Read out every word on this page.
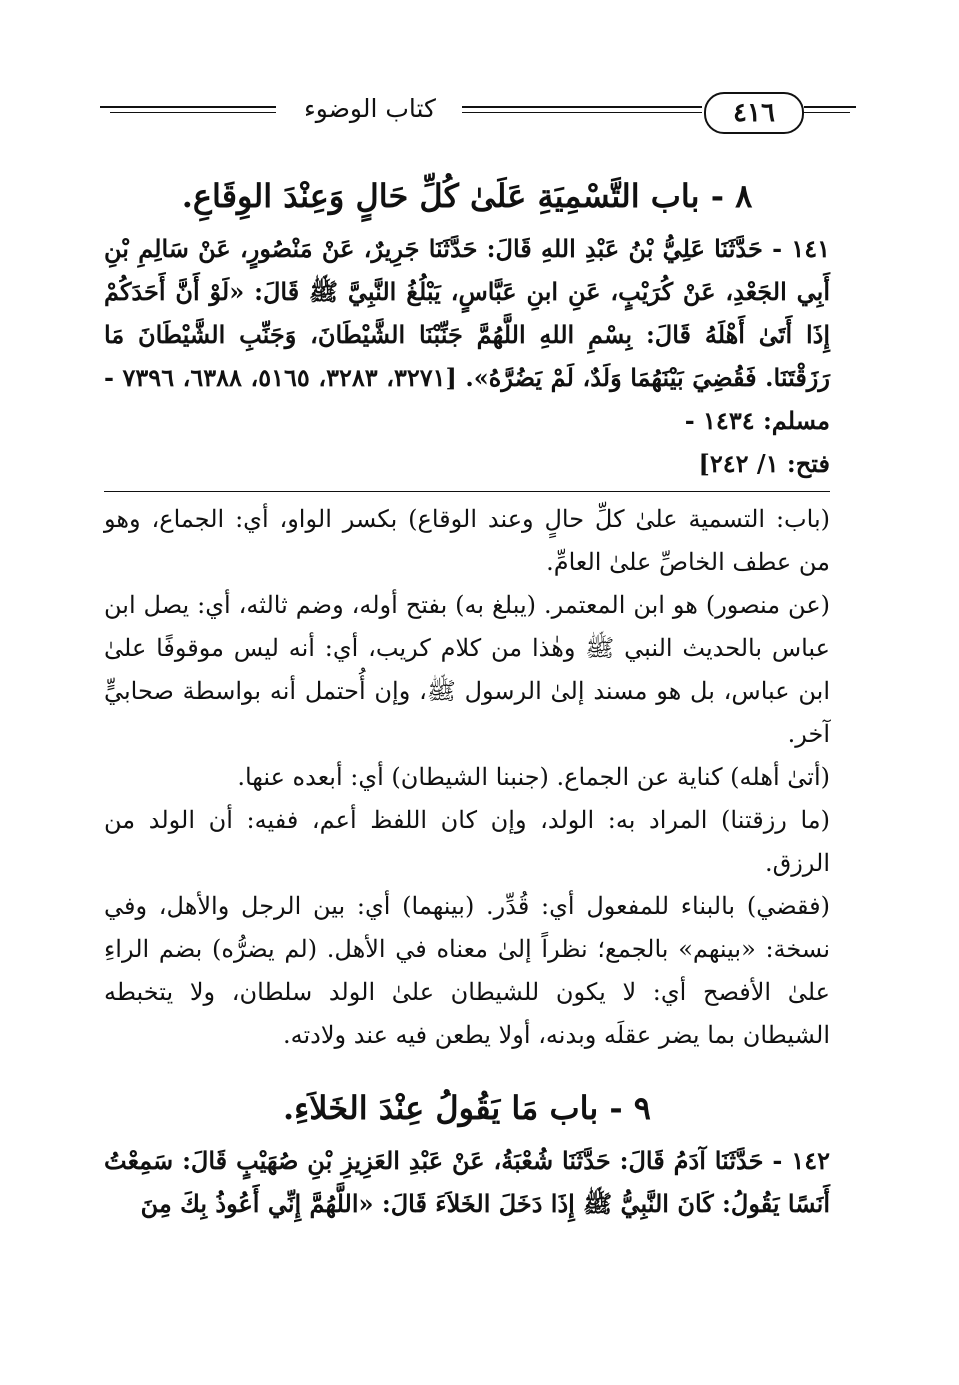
كتاب الوضوء	٤١٦
٨ - باب التَّسْمِيَةِ عَلَىٰ كُلِّ حَالٍ وَعِنْدَ الوِقَاعِ.

١٤١ - حَدَّثَنَا عَلِيُّ بْنُ عَبْدِ اللهِ قَالَ: حَدَّثَنَا جَرِيرٌ، عَنْ مَنْصُورٍ، عَنْ سَالِمِ بْنِ أَبِي الجَعْدِ، عَنْ كُرَيْبٍ، عَنِ ابنِ عَبَّاسٍ، يَبْلُغُ النَّبِيَّ ﷺ قَالَ: «لَوْ أَنَّ أَحَدَكُمْ إِذَا أَتَىٰ أَهْلَهُ قَالَ: بِسْمِ اللهِ اللَّهُمَّ جَنِّبْنَا الشَّيْطَانَ، وَجَنِّبِ الشَّيْطَانَ مَا رَزَقْتَنَا. فَقُضِيَ بَيْنَهُمَا وَلَدٌ، لَمْ يَضُرَّهُ». [٣٢٧١، ٣٢٨٣، ٥١٦٥، ٦٣٨٨، ٧٣٩٦ - مسلم: ١٤٣٤ -

فتح: ١/ ٢٤٢]

(باب: التسمية علىٰ كلِّ حالٍ وعند الوقاع) بكسر الواو، أي: الجماع، وهو من عطف الخاصِّ علىٰ العامِّ.

(عن منصور) هو ابن المعتمر. (يبلغ به) بفتح أوله، وضم ثالثه، أي: يصل ابن عباس بالحديث النبي ﷺ وهٰذا من كلام كريب، أي: أنه ليس موقوفًا علىٰ ابن عباس، بل هو مسند إلىٰ الرسول ﷺ، وإن أُحتمل أنه بواسطة صحابيٍّ آخر.

(أتىٰ أهله) كناية عن الجماع. (جنبنا الشيطان) أي: أبعده عنها.

(ما رزقتنا) المراد به: الولد، وإن كان اللفظ أعم، ففيه: أن الولد من الرزق.

(فقضي) بالبناء للمفعول أي: قُدِّر. (بينهما) أي: بين الرجل والأهل، وفي نسخة: «بينهم» بالجمع؛ نظراً إلىٰ معناه في الأهل. (لم يضرُّه) بضم الراءِ علىٰ الأفصح أي: لا يكون للشيطان علىٰ الولد سلطان، ولا يتخبطه الشيطان بما يضر عقلَه وبدنه، أولا يطعن فيه عند ولادته.

٩ - باب مَا يَقُولُ عِنْدَ الخَلاَءِ.

١٤٢ - حَدَّثَنَا آدَمُ قَالَ: حَدَّثَنَا شُعْبَةُ، عَنْ عَبْدِ العَزِيزِ بْنِ صُهَيْبٍ قَالَ: سَمِعْتُ أَنَسًا يَقُولُ: كَانَ النَّبِيُّ ﷺ إِذَا دَخَلَ الخَلاَءَ قَالَ: «اللَّهُمَّ إِنِّي أَعُوذُ بِكَ مِنَ
